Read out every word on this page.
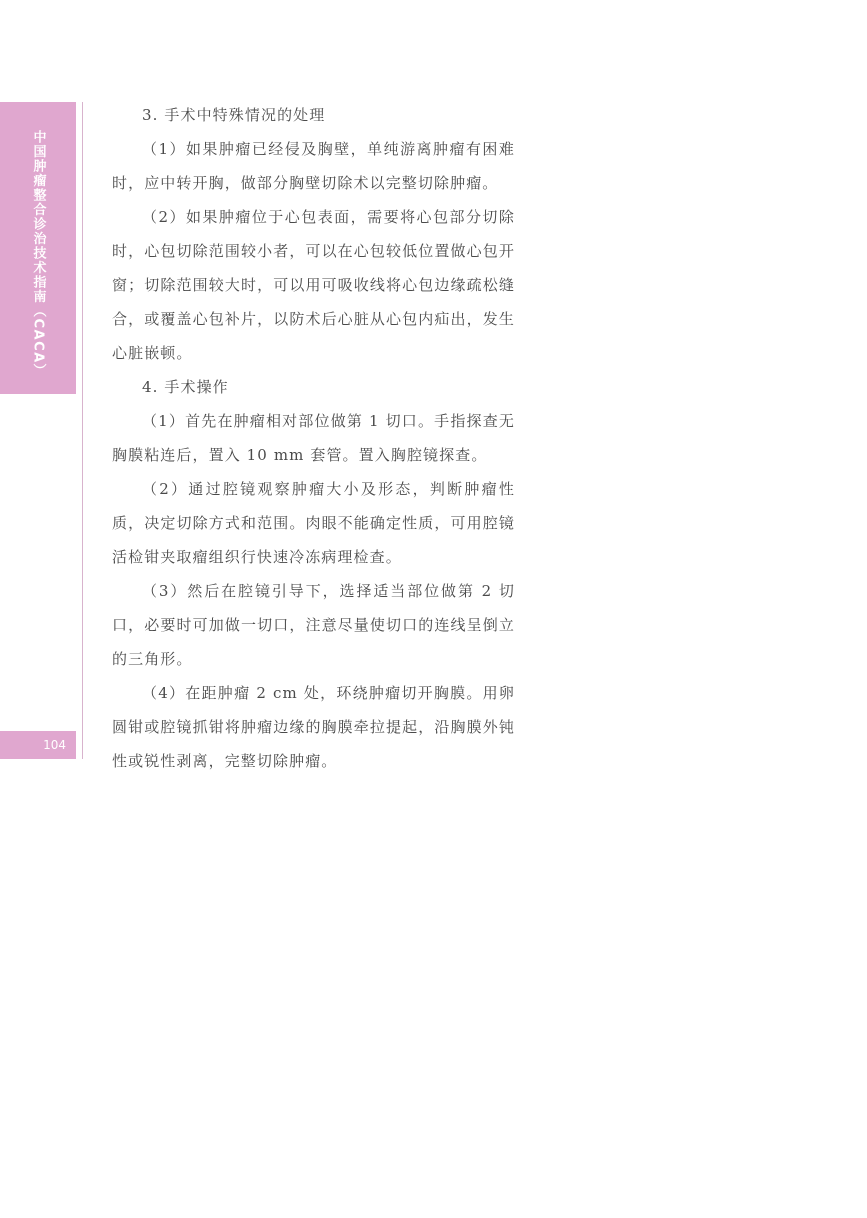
中国肿瘤整合诊治技术指南（CACA）
104

3. 手术中特殊情况的处理

（1）如果肿瘤已经侵及胸壁，单纯游离肿瘤有困难时，应中转开胸，做部分胸壁切除术以完整切除肿瘤。

（2）如果肿瘤位于心包表面，需要将心包部分切除时，心包切除范围较小者，可以在心包较低位置做心包开窗；切除范围较大时，可以用可吸收线将心包边缘疏松缝合，或覆盖心包补片，以防术后心脏从心包内疝出，发生心脏嵌顿。

4. 手术操作

（1）首先在肿瘤相对部位做第 1 切口。手指探查无胸膜粘连后，置入 10 mm 套管。置入胸腔镜探查。

（2）通过腔镜观察肿瘤大小及形态，判断肿瘤性质，决定切除方式和范围。肉眼不能确定性质，可用腔镜活检钳夹取瘤组织行快速冷冻病理检查。

（3）然后在腔镜引导下，选择适当部位做第 2 切口，必要时可加做一切口，注意尽量使切口的连线呈倒立的三角形。

（4）在距肿瘤 2 cm 处，环绕肿瘤切开胸膜。用卵圆钳或腔镜抓钳将肿瘤边缘的胸膜牵拉提起，沿胸膜外钝性或锐性剥离，完整切除肿瘤。
